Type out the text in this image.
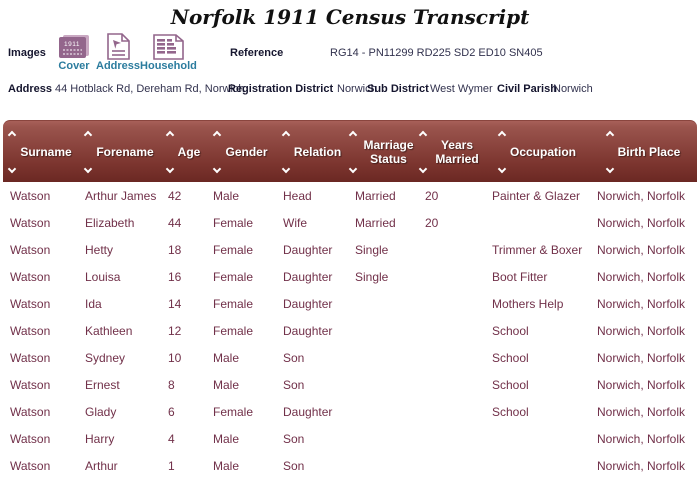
Norfolk 1911 Census Transcript
Images
1911
Cover Address Household
Reference	RG14 - PN11299 RD225 SD2 ED10 SN405
Address 44 Hotblack Rd, Dereham Rd, Norwich
Registration District Norwich
Sub District West Wymer Civil Parish
Norwich
Surname	Forename	Age	Gender	Relation	Marriage Status	Years Married	Occupation	Birth Place

Watson	Arthur James	42	Male	Head	Married	20	Painter & Glazer	Norwich, Norfolk
Watson	Elizabeth	44	Female	Wife	Married	20		Norwich, Norfolk
Watson	Hetty	18	Female	Daughter	Single		Trimmer & Boxer	Norwich, Norfolk
Watson	Louisa	16	Female	Daughter	Single		Boot Fitter	Norwich, Norfolk
Watson	Ida	14	Female	Daughter			Mothers Help	Norwich, Norfolk
Watson	Kathleen	12	Female	Daughter			School	Norwich, Norfolk
Watson	Sydney	10	Male	Son			School	Norwich, Norfolk
Watson	Ernest	8	Male	Son			School	Norwich, Norfolk
Watson	Glady	6	Female	Daughter			School	Norwich, Norfolk
Watson	Harry	4	Male	Son				Norwich, Norfolk
Watson	Arthur	1	Male	Son				Norwich, Norfolk
